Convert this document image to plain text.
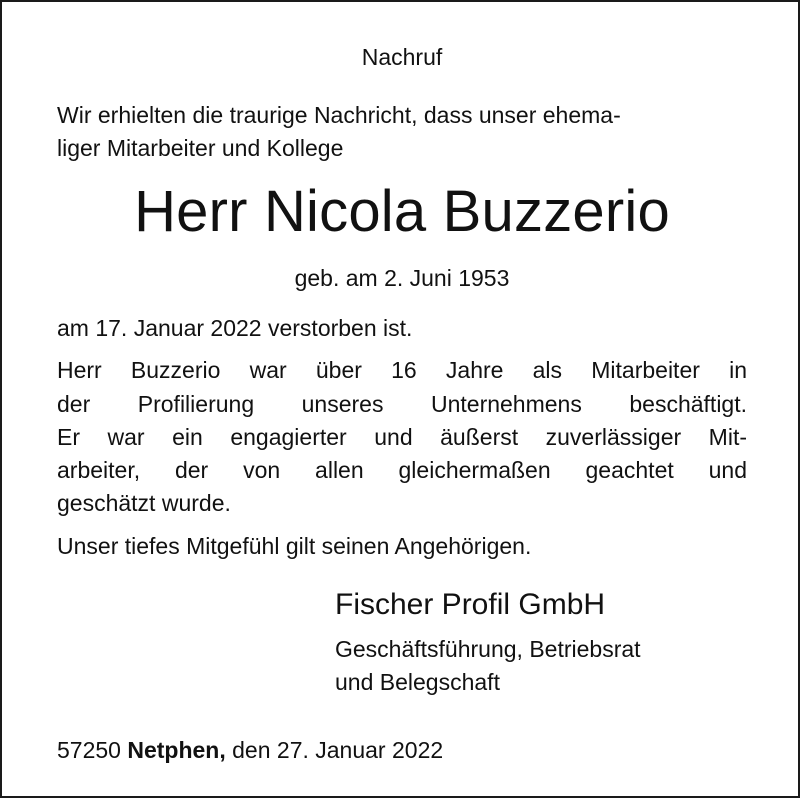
Nachruf
Wir erhielten die traurige Nachricht, dass unser ehema-
liger Mitarbeiter und Kollege
Herr Nicola Buzzerio
geb. am 2. Juni 1953
am 17. Januar 2022 verstorben ist.
Herr Buzzerio war über 16 Jahre als Mitarbeiter in
der Profilierung unseres Unternehmens beschäftigt.
Er war ein engagierter und äußerst zuverlässiger Mit-
arbeiter, der von allen gleichermaßen geachtet und
geschätzt wurde.
Unser tiefes Mitgefühl gilt seinen Angehörigen.
Fischer Profil GmbH
Geschäftsführung, Betriebsrat
und Belegschaft
57250 Netphen, den 27. Januar 2022
